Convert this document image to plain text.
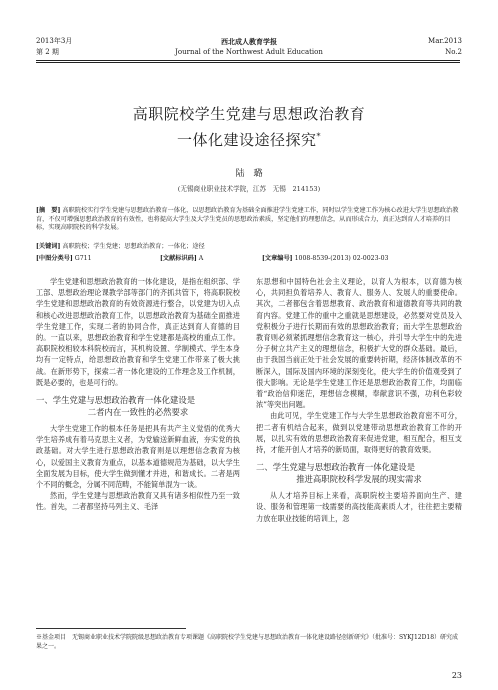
2013年3月
第 2 期
西北成人教育学报
Journal of the Northwest Adult Education
Mar.2013
No.2
高职院校学生党建与思想政治教育
一体化建设途径探究*
陆　璐
(无锡商业职业技术学院，江苏　无锡　214153)
[摘　要] 高职院校实行学生党建与思想政治教育一体化，以思想政治教育为基础全面推进学生党建工作，同时以学生党建工作为核心改进大学生思想政治教育，不仅可增强思想政治教育的有效性，也将提高大学生及大学生党员的思想政治素质，坚定他们的理想信念，从而形成合力，真正达到育人才培养的目标，实现高职院校的科学发展。
[关键词] 高职院校；学生党建；思想政治教育；一体化；途径
[中图分类号] G711	[文献标识码] A	[文章编号] 1008-8539-(2013) 02-0023-03

学生党建和思想政治教育的一体化建设，是指在组织部、学工部、思想政治理论课教学部等部门的齐抓共管下，将高职院校学生党建和思想政治教育的有效资源进行整合，以党建为切入点和核心改进思想政治教育工作，以思想政治教育为基础全面推进学生党建工作，实现二者的协同合作，真正达到育人育德的目的。一直以来，思想政治教育和学生党建都是高校的重点工作。高职院校相较本科院校而言，其机构设置、学制模式、学生本身均有一定特点，给思想政治教育和学生党建工作带来了极大挑战。在新形势下，探索二者一体化建设的工作理念及工作机制，既是必要的，也是可行的。

一、学生党建与思想政治教育一体化建设是
二者内在一致性的必然要求

大学生党建工作的根本任务是把具有共产主义觉悟的优秀大学生培养成有着马克思主义者，为党输送新鲜血液，夯实党的执政基础。对大学生进行思想政治教育则是以理想信念教育为核心，以爱国主义教育为重点，以基本道德规范为基础，以大学生全面发展为目标，使大学生做到懂才并进，和谐成长。二者是两个不同的概念，分属不同范畴，不能简单混为一谈。

然而，学生党建与思想政治教育又具有诸多相似性乃至一致性。首先，二者都坚持马列主义、毛泽

东思想和中国特色社会主义理论，以育人为根本，以育德为核心，共同担负着培养人、教育人、服务人、发展人的重要使命。其次，二者都包含着思想教育、政治教育和道德教育等共同的教育内容。党建工作的重中之重就是思想建设，必然要对党员及入党积极分子进行长期而有效的思想政治教育；而大学生思想政治教育则必须紧抓理想信念教育这一核心，并引导大学生中的先进分子树立共产主义的理想信念，积极扩大党的群众基础。最后，由于我国当前正处于社会发展的重要转折期，经济体制改革的不断深入，国际及国内环境的深刻变化，使大学生的价值观受到了很大影响。无论是学生党建工作还是思想政治教育工作，均面临着“政治信仰迷茫，理想信念模糊，奉献意识不强，功利色彩较浓”等突出问题。

由此可见，学生党建工作与大学生思想政治教育密不可分，把二者有机结合起来，做到以党建带动思想政治教育工作的开展，以扎实有效的思想政治教育来促进党建，相互配合，相互支持，才能开创人才培养的新局面，取得更好的教育效果。

二、学生党建与思想政治教育一体化建设是
推进高职院校科学发展的现实需求

从人才培养目标上来看，高职院校主要培养面向生产、建设、服务和管理第一线需要的高技能高素质人才，往往把主要精力放在职业技能的培训上，忽

※基金项目　无锡商业职业技术学院院级思想政治教育专项课题《高职院校学生党建与思想政治教育一体化建设路径创新研究》（批准号：SYKJ12D18）研究成果之一。
23
